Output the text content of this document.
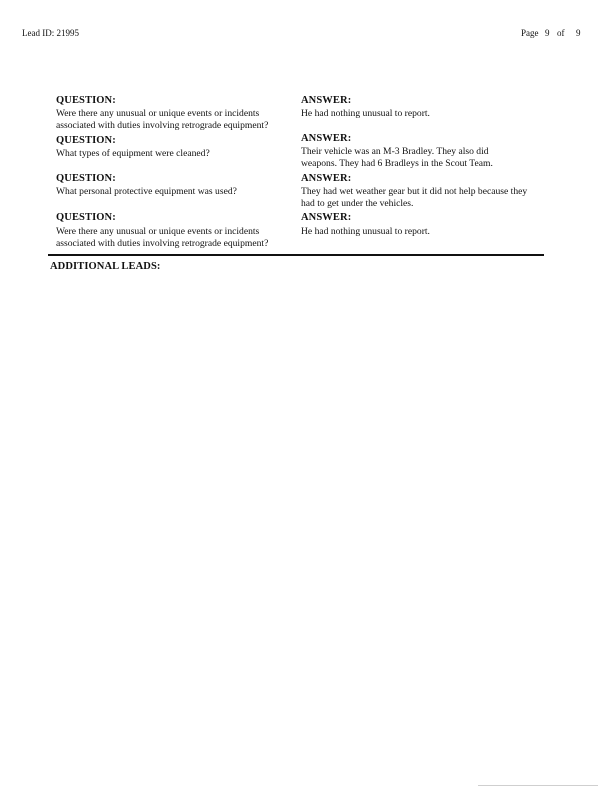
Lead ID: 21995	Page 9 of 9
QUESTION:
Were there any unusual or unique events or incidents
associated with duties involving retrograde equipment?
ANSWER:
He had nothing unusual to report.
QUESTION:
What types of equipment were cleaned?
ANSWER:
Their vehicle was an M-3 Bradley. They also did
weapons. They had 6 Bradleys in the Scout Team.
QUESTION:
What personal protective equipment was used?
ANSWER:
They had wet weather gear but it did not help because they
had to get under the vehicles.
QUESTION:
Were there any unusual or unique events or incidents
associated with duties involving retrograde equipment?
ANSWER:
He had nothing unusual to report.
ADDITIONAL LEADS:
